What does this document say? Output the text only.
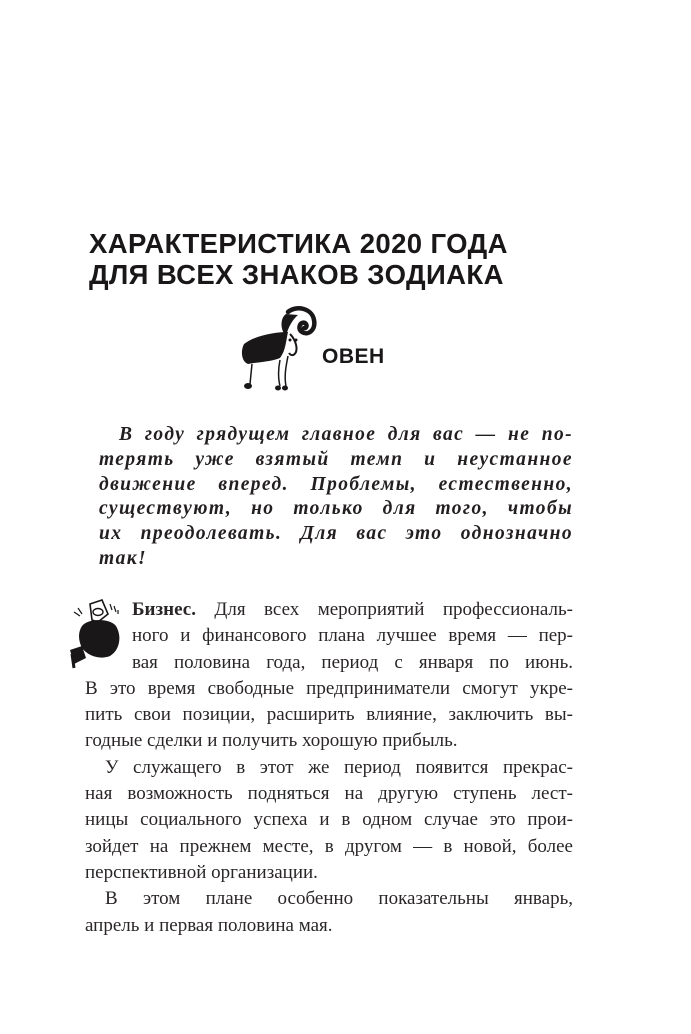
ХАРАКТЕРИСТИКА 2020 ГОДА
ДЛЯ ВСЕХ ЗНАКОВ ЗОДИАКА
ОВЕН
В году грядущем главное для вас — не по-
терять уже взятый темп и неустанное
движение вперед. Проблемы, естественно,
существуют, но только для того, чтобы
их преодолевать. Для вас это однозначно
так!
Бизнес. Для всех мероприятий профессиональ-
ного и финансового плана лучшее время — пер-
вая половина года, период с января по июнь.
В это время свободные предприниматели смогут укре-
пить свои позиции, расширить влияние, заключить вы-
годные сделки и получить хорошую прибыль.
У служащего в этот же период появится прекрас-
ная возможность подняться на другую ступень лест-
ницы социального успеха и в одном случае это прои-
зойдет на прежнем месте, в другом — в новой, более
перспективной организации.
В этом плане особенно показательны январь,
апрель и первая половина мая.
